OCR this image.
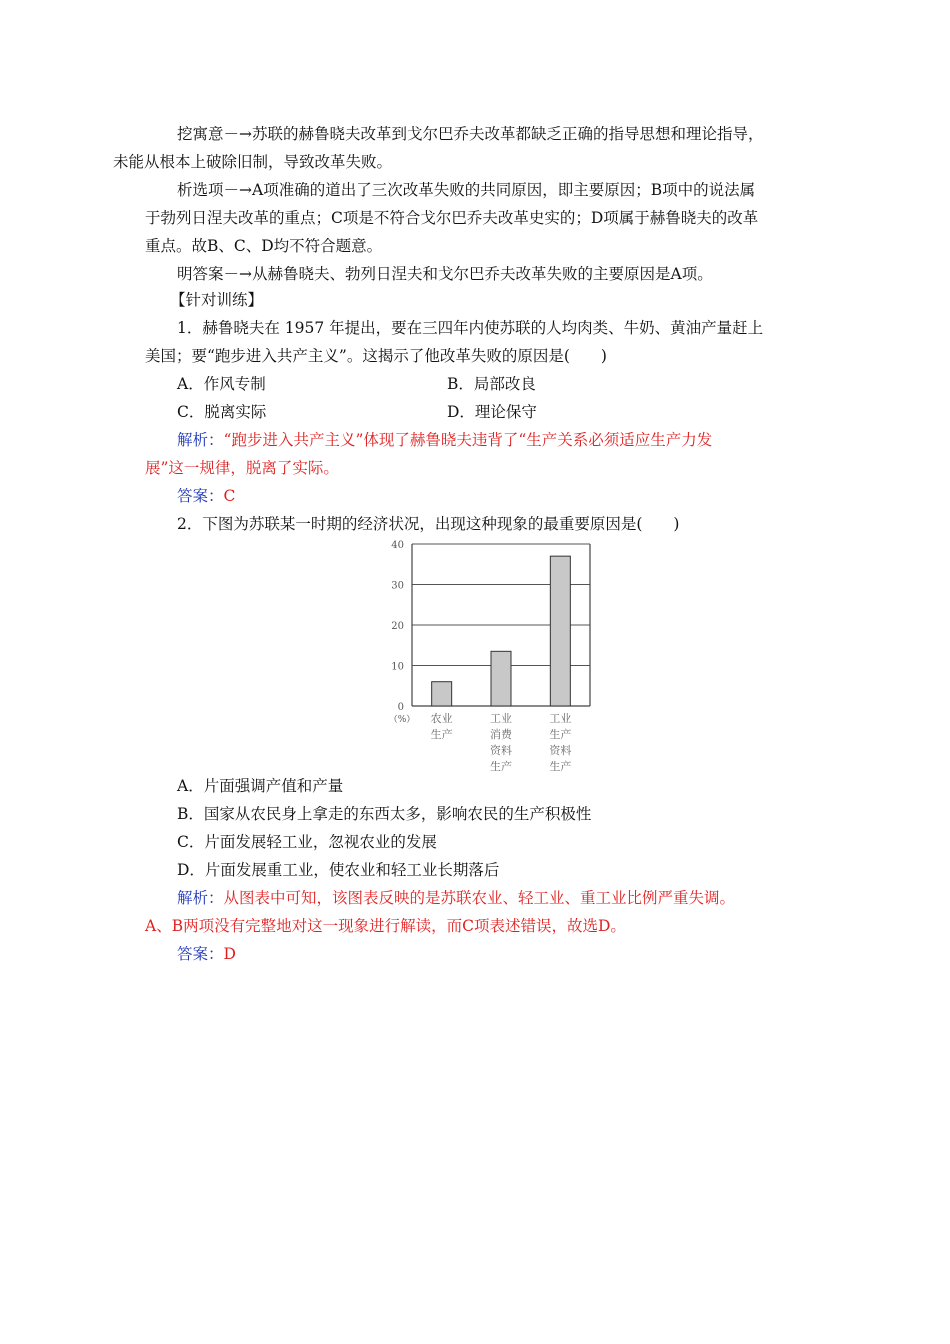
挖寓意－→苏联的赫鲁晓夫改革到戈尔巴乔夫改革都缺乏正确的指导思想和理论指导，
未能从根本上破除旧制，导致改革失败。

析选项－→A项准确的道出了三次改革失败的共同原因，即主要原因；B项中的说法属

于勃列日涅夫改革的重点；C项是不符合戈尔巴乔夫改革史实的；D项属于赫鲁晓夫的改革

重点。故B、C、D均不符合题意。

明答案－→从赫鲁晓夫、勃列日涅夫和戈尔巴乔夫改革失败的主要原因是A项。

【针对训练】

1．赫鲁晓夫在 1957 年提出，要在三四年内使苏联的人均肉类、牛奶、黄油产量赶上

美国；要“跑步进入共产主义”。这揭示了他改革失败的原因是(　　)

A．作风专制	B．局部改良
C．脱离实际	D．理论保守

解析：“跑步进入共产主义”体现了赫鲁晓夫违背了“生产关系必须适应生产力发

展”这一规律，脱离了实际。

答案：C

2．下图为苏联某一时期的经济状况，出现这种现象的最重要原因是(　　)

0
10
20
30
40
（%） 农业
生产
工业
消费
资料
生产
工业
生产
资料
生产
A．片面强调产值和产量
B．国家从农民身上拿走的东西太多，影响农民的生产积极性
C．片面发展轻工业，忽视农业的发展
D．片面发展重工业，使农业和轻工业长期落后

解析：从图表中可知，该图表反映的是苏联农业、轻工业、重工业比例严重失调。

A、B两项没有完整地对这一现象进行解读，而C项表述错误，故选D。

答案：D
